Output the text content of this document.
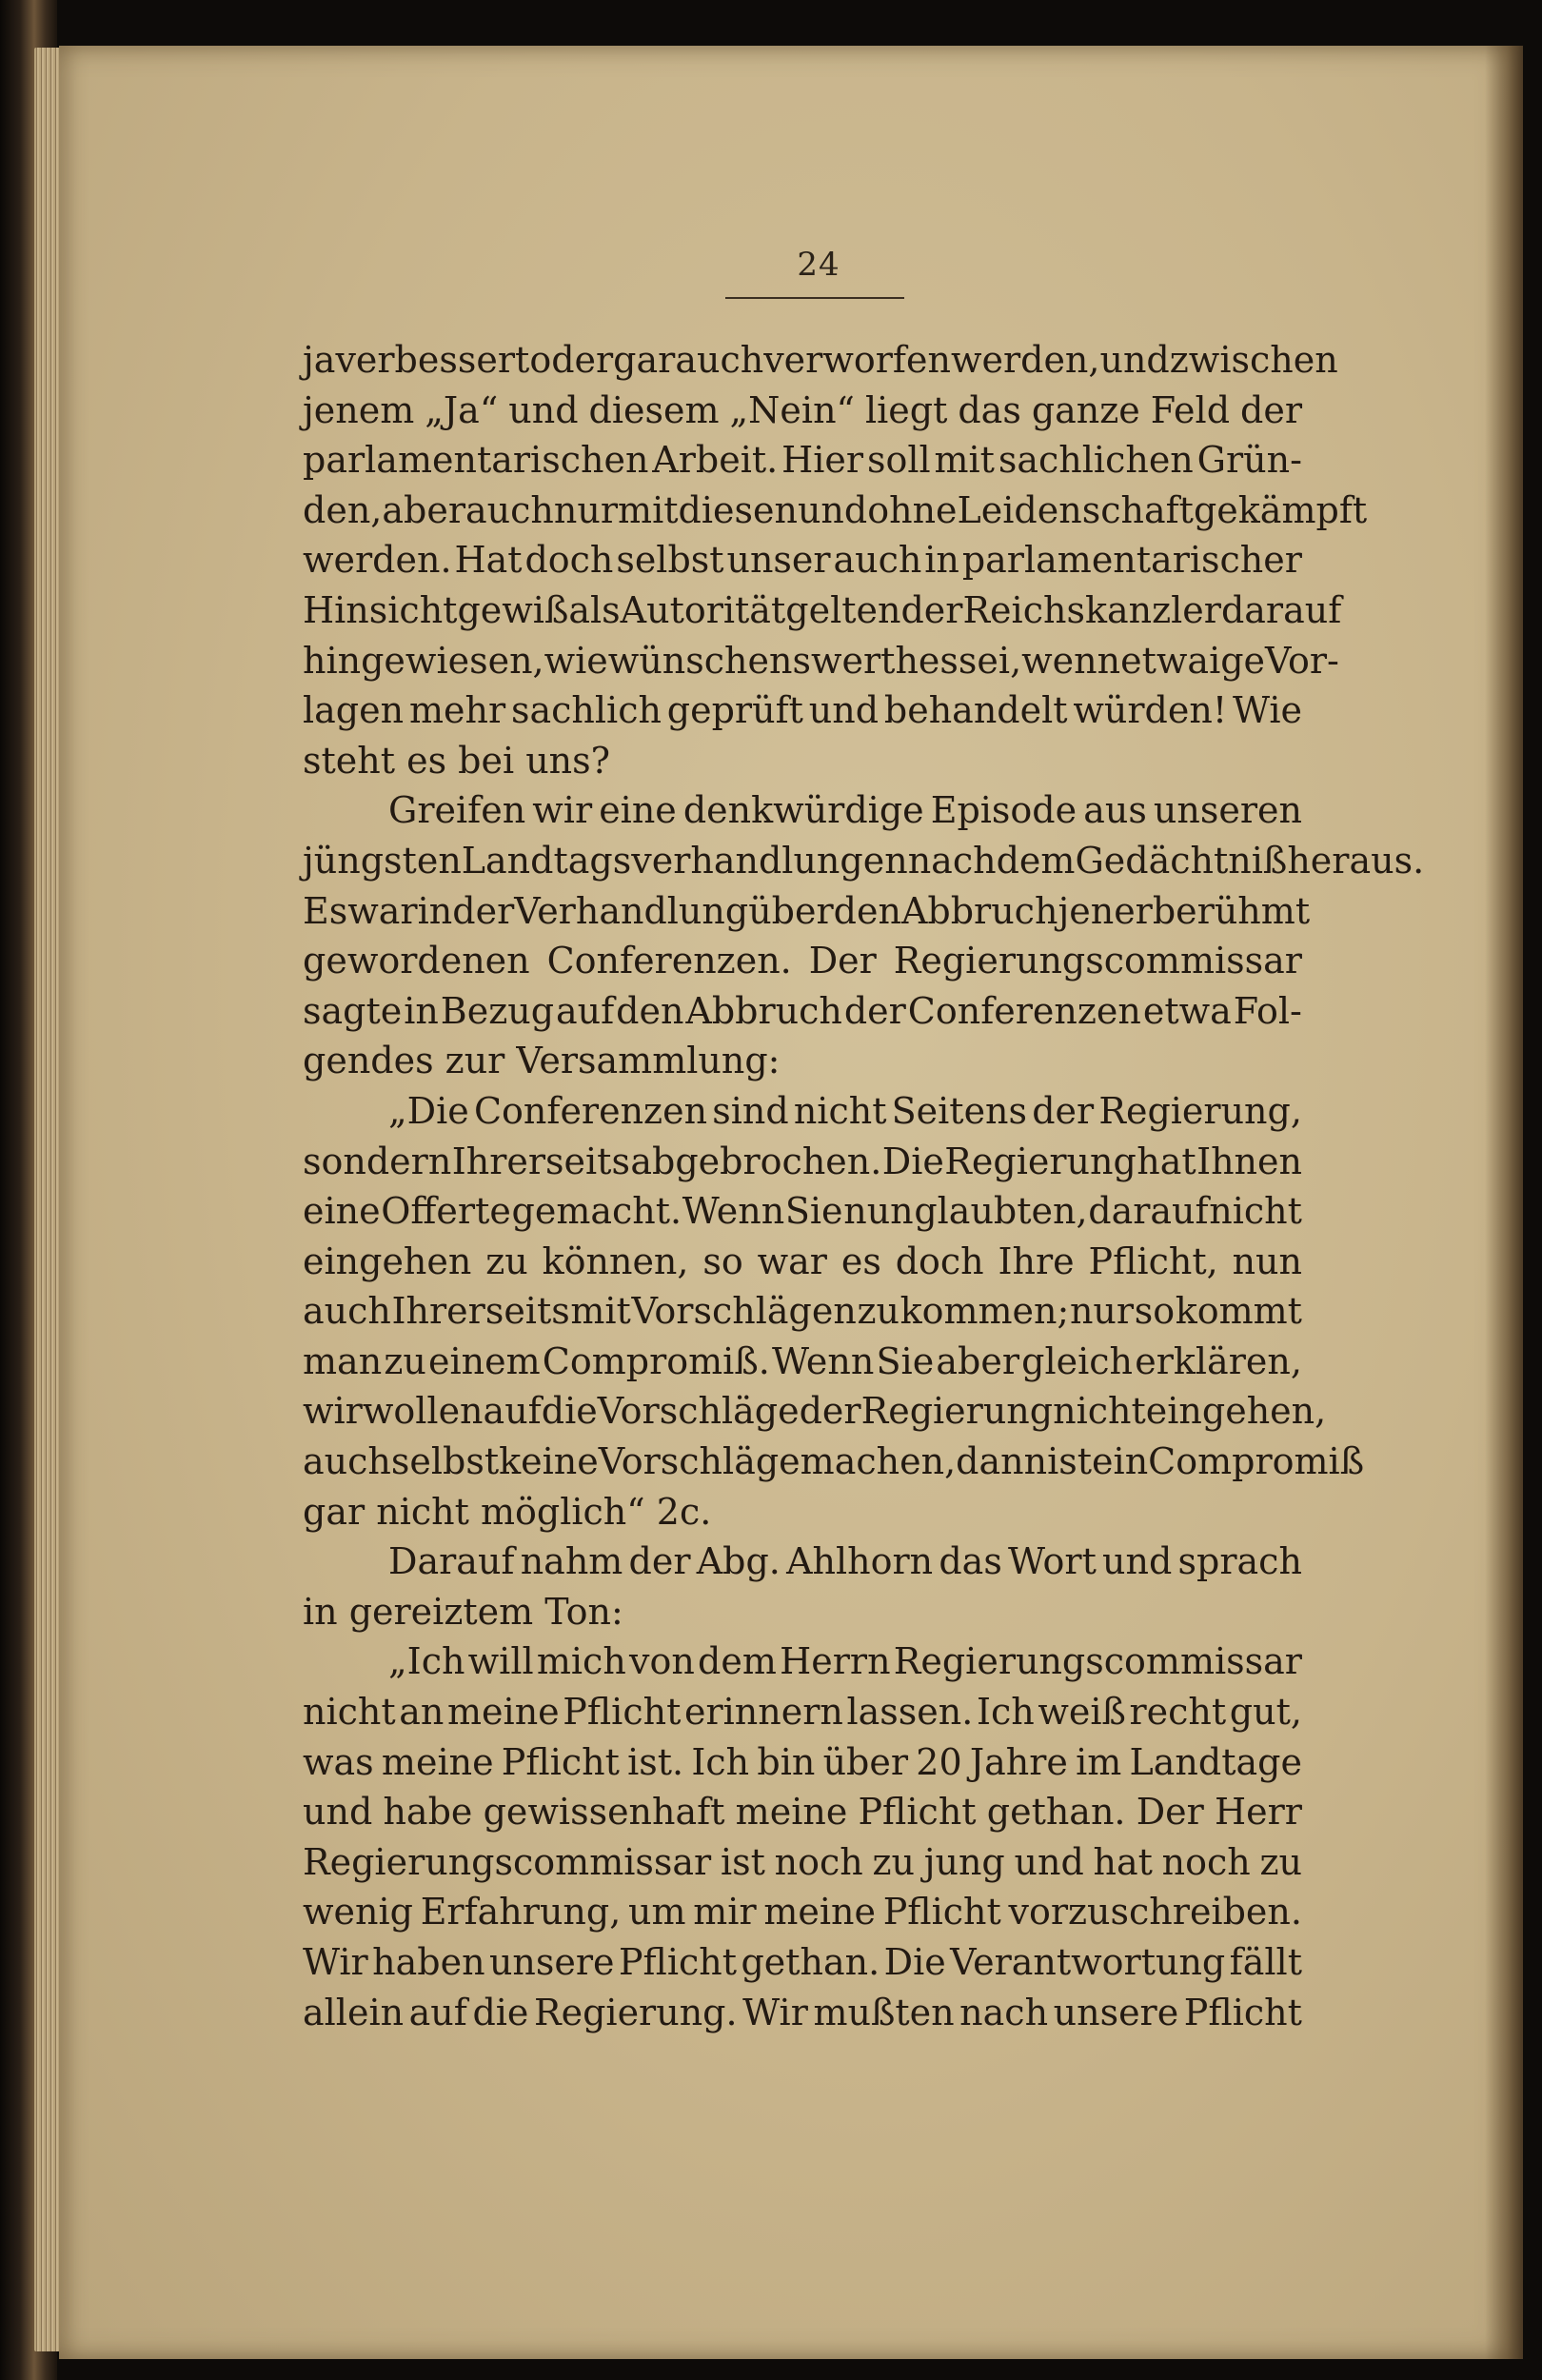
24
ja verbessert oder gar auch verworfen werden, und zwischen
jenem „Ja“ und diesem „Nein“ liegt das ganze Feld der
parlamentarischen Arbeit. Hier soll mit sachlichen Grün-
den, aber auch nur mit diesen und ohne Leidenschaft gekämpft
werden. Hat doch selbst unser auch in parlamentarischer
Hinsicht gewiß als Autorität geltender Reichskanzler darauf
hingewiesen, wie wünschenswerth es sei, wenn etwaige Vor-
lagen mehr sachlich geprüft und behandelt würden! Wie
steht es bei uns?
Greifen wir eine denkwürdige Episode aus unseren
jüngsten Landtagsverhandlungen nach dem Gedächtniß heraus.
Es war in der Verhandlung über den Abbruch jener berühmt
gewordenen Conferenzen. Der Regierungscommissar
sagte in Bezug auf den Abbruch der Conferenzen etwa Fol-
gendes zur Versammlung:
„Die Conferenzen sind nicht Seitens der Regierung,
sondern Ihrerseits abgebrochen. Die Regierung hat Ihnen
eine Offerte gemacht. Wenn Sie nun glaubten, darauf nicht
eingehen zu können, so war es doch Ihre Pflicht, nun
auch Ihrerseits mit Vorschlägen zu kommen; nur so kommt
man zu einem Compromiß. Wenn Sie aber gleich erklären,
wir wollen auf die Vorschläge der Regierung nicht eingehen,
auch selbst keine Vorschläge machen, dann ist ein Compromiß
gar nicht möglich“ 2c.
Darauf nahm der Abg. Ahlhorn das Wort und sprach
in gereiztem Ton:
„Ich will mich von dem Herrn Regierungscommissar
nicht an meine Pflicht erinnern lassen. Ich weiß recht gut,
was meine Pflicht ist. Ich bin über 20 Jahre im Landtage
und habe gewissenhaft meine Pflicht gethan. Der Herr
Regierungscommissar ist noch zu jung und hat noch zu
wenig Erfahrung, um mir meine Pflicht vorzuschreiben.
Wir haben unsere Pflicht gethan. Die Verantwortung fällt
allein auf die Regierung. Wir mußten nach unsere Pflicht
